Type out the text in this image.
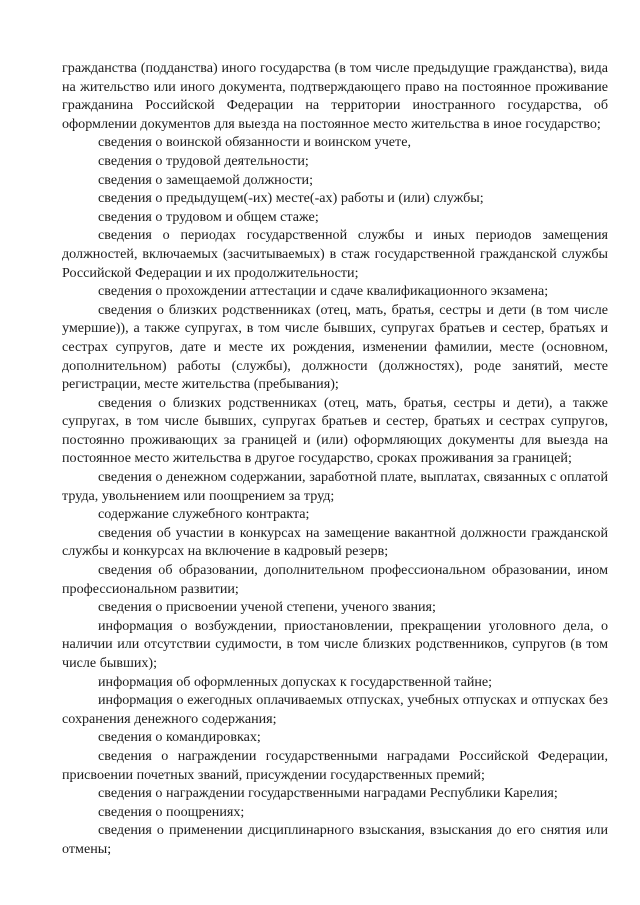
гражданства (подданства) иного государства (в том числе предыдущие гражданства), вида на жительство или иного документа, подтверждающего право на постоянное проживание гражданина Российской Федерации на территории иностранного государства, об оформлении документов для выезда на постоянное место жительства в иное государство;

сведения о воинской обязанности и воинском учете,

сведения о трудовой деятельности;

сведения о замещаемой должности;

сведения о предыдущем(-их) месте(-ах) работы и (или) службы;

сведения о трудовом и общем стаже;

сведения о периодах государственной службы и иных периодов замещения должностей, включаемых (засчитываемых) в стаж государственной гражданской службы Российской Федерации и их продолжительности;

сведения о прохождении аттестации и сдаче квалификационного экзамена;

сведения о близких родственниках (отец, мать, братья, сестры и дети (в том числе умершие)), а также супругах, в том числе бывших, супругах братьев и сестер, братьях и сестрах супругов, дате и месте их рождения, изменении фамилии, месте (основном, дополнительном) работы (службы), должности (должностях), роде занятий, месте регистрации, месте жительства (пребывания);

сведения о близких родственниках (отец, мать, братья, сестры и дети), а также супругах, в том числе бывших, супругах братьев и сестер, братьях и сестрах супругов, постоянно проживающих за границей и (или) оформляющих документы для выезда на постоянное место жительства в другое государство, сроках проживания за границей;

сведения о денежном содержании, заработной плате, выплатах, связанных с оплатой труда, увольнением или поощрением за труд;

содержание служебного контракта;

сведения об участии в конкурсах на замещение вакантной должности гражданской службы и конкурсах на включение в кадровый резерв;

сведения об образовании, дополнительном профессиональном образовании, ином профессиональном развитии;

сведения о присвоении ученой степени, ученого звания;

информация о возбуждении, приостановлении, прекращении уголовного дела, о наличии или отсутствии судимости, в том числе близких родственников, супругов (в том числе бывших);

информация об оформленных допусках к государственной тайне;

информация о ежегодных оплачиваемых отпусках, учебных отпусках и отпусках без сохранения денежного содержания;

сведения о командировках;

сведения о награждении государственными наградами Российской Федерации, присвоении почетных званий, присуждении государственных премий;

сведения о награждении государственными наградами Республики Карелия;

сведения о поощрениях;

сведения о применении дисциплинарного взыскания, взыскания до его снятия или отмены;
